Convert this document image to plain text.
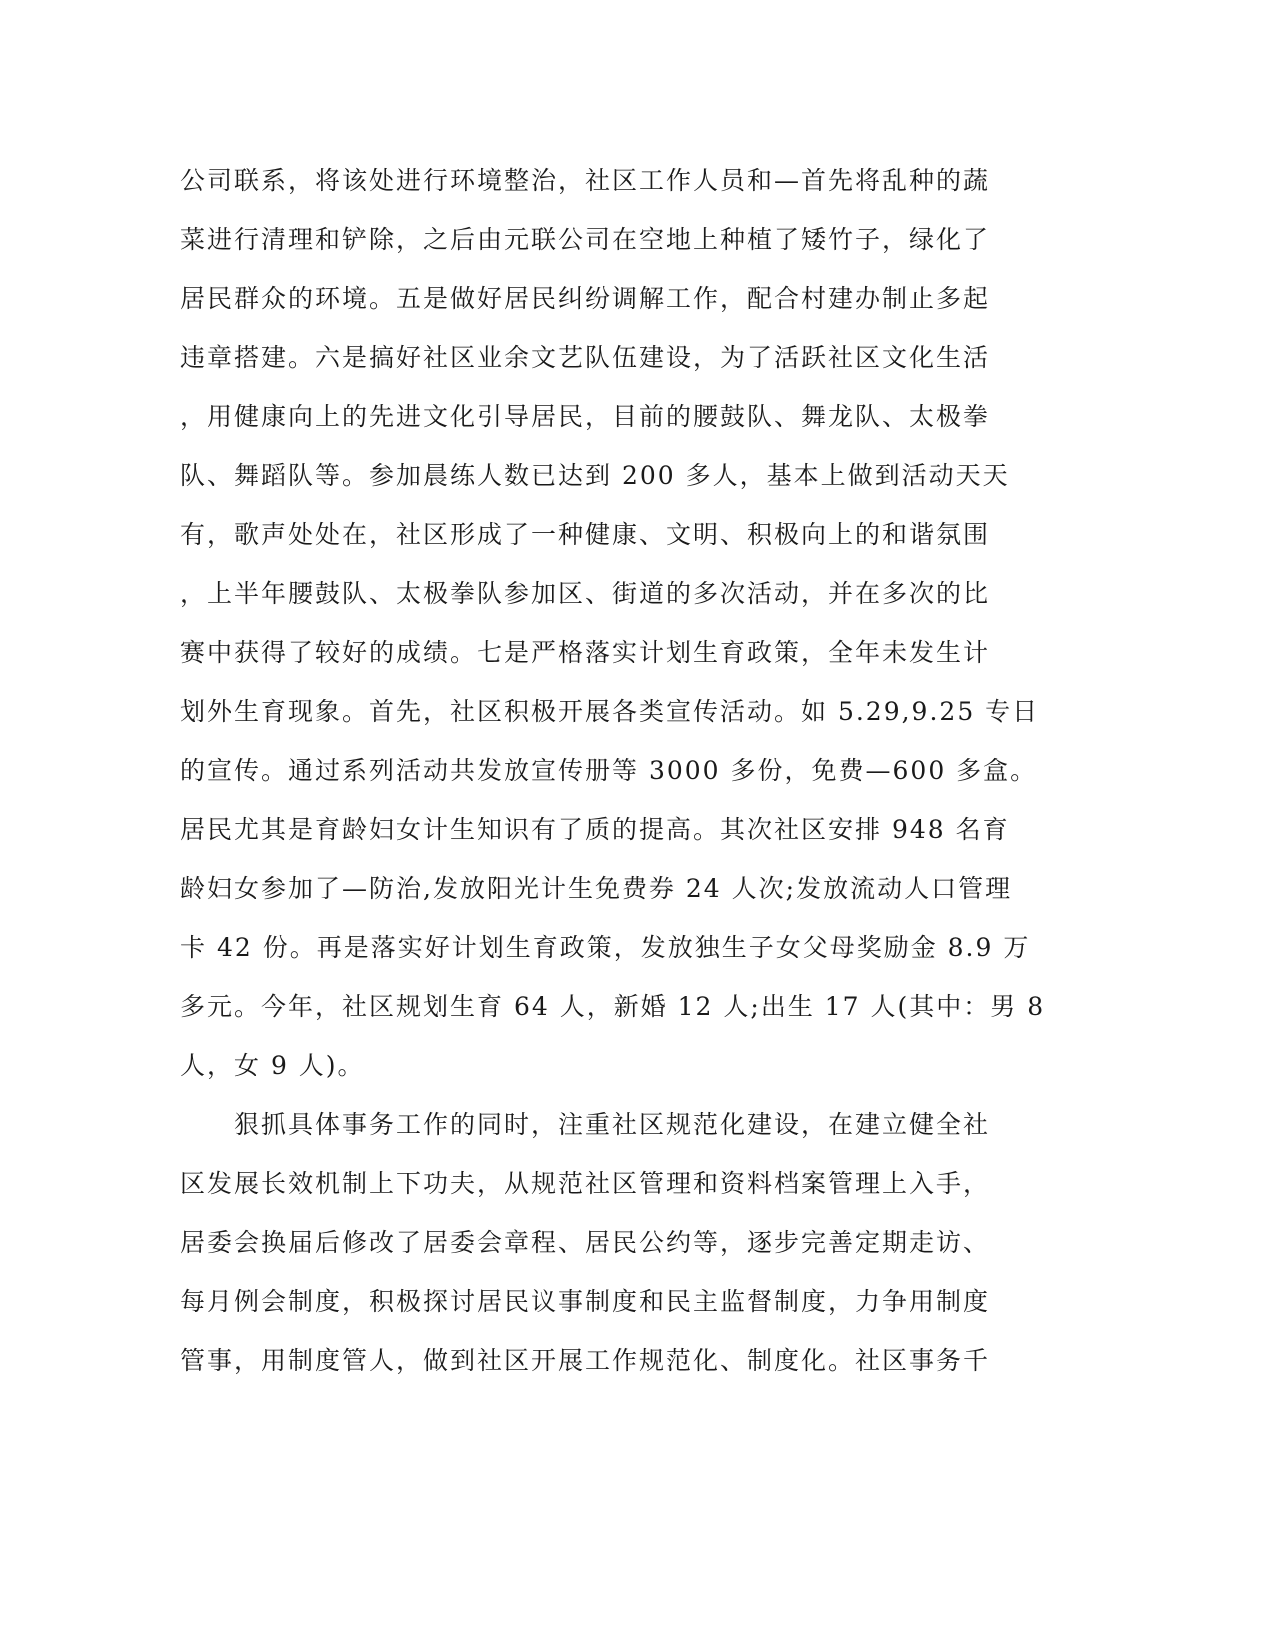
公司联系，将该处进行环境整治，社区工作人员和—首先将乱种的蔬
菜进行清理和铲除，之后由元联公司在空地上种植了矮竹子，绿化了
居民群众的环境。五是做好居民纠纷调解工作，配合村建办制止多起
违章搭建。六是搞好社区业余文艺队伍建设，为了活跃社区文化生活
，用健康向上的先进文化引导居民，目前的腰鼓队、舞龙队、太极拳
队、舞蹈队等。参加晨练人数已达到 200 多人，基本上做到活动天天
有，歌声处处在，社区形成了一种健康、文明、积极向上的和谐氛围
，上半年腰鼓队、太极拳队参加区、街道的多次活动，并在多次的比
赛中获得了较好的成绩。七是严格落实计划生育政策，全年未发生计
划外生育现象。首先，社区积极开展各类宣传活动。如 5.29,9.25 专日
的宣传。通过系列活动共发放宣传册等 3000 多份，免费—600 多盒。
居民尤其是育龄妇女计生知识有了质的提高。其次社区安排 948 名育
龄妇女参加了—防治,发放阳光计生免费券 24 人次;发放流动人口管理
卡 42 份。再是落实好计划生育政策，发放独生子女父母奖励金 8.9 万
多元。今年，社区规划生育 64 人，新婚 12 人;出生 17 人(其中：男 8
人，女 9 人)。
　　狠抓具体事务工作的同时，注重社区规范化建设，在建立健全社
区发展长效机制上下功夫，从规范社区管理和资料档案管理上入手，
居委会换届后修改了居委会章程、居民公约等，逐步完善定期走访、
每月例会制度，积极探讨居民议事制度和民主监督制度，力争用制度
管事，用制度管人，做到社区开展工作规范化、制度化。社区事务千
